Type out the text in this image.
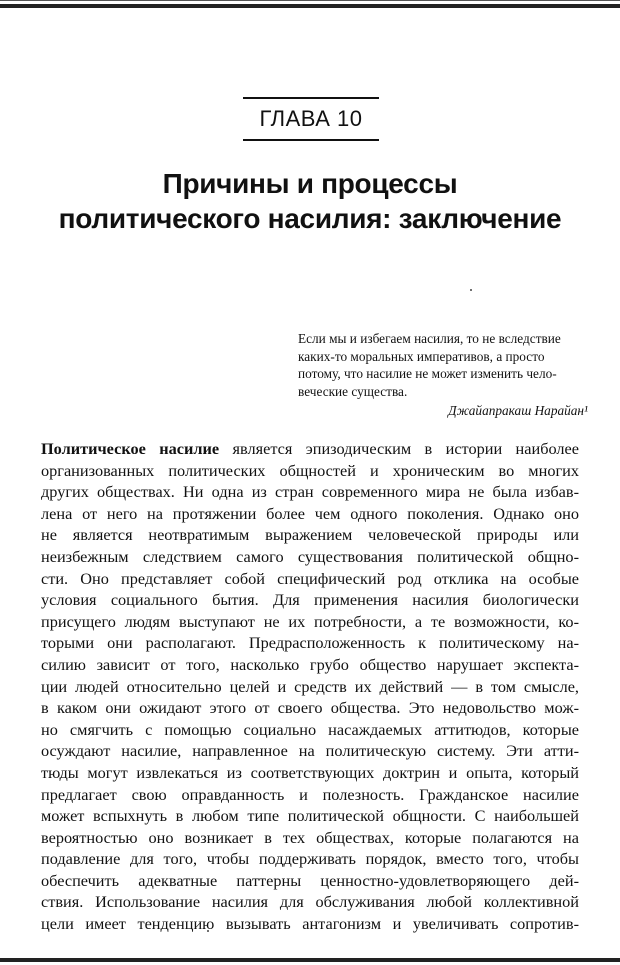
ГЛАВА 10
Причины и процессы
политического насилия: заключение
Если мы и избегаем насилия, то не вследствие
каких-то моральных императивов, а просто
потому, что насилие не может изменить чело-
веческие существа.
Джайапракаш Нарайан¹
Политическое насилие является эпизодическим в истории наиболее
организованных политических общностей и хроническим во многих
других обществах. Ни одна из стран современного мира не была избав-
лена от него на протяжении более чем одного поколения. Однако оно
не является неотвратимым выражением человеческой природы или
неизбежным следствием самого существования политической общно-
сти. Оно представляет собой специфический род отклика на особые
условия социального бытия. Для применения насилия биологически
присущего людям выступают не их потребности, а те возможности, ко-
торыми они располагают. Предрасположенность к политическому на-
силию зависит от того, насколько грубо общество нарушает экспекта-
ции людей относительно целей и средств их действий — в том смысле,
в каком они ожидают этого от своего общества. Это недовольство мож-
но смягчить с помощью социально насаждаемых аттитюдов, которые
осуждают насилие, направленное на политическую систему. Эти атти-
тюды могут извлекаться из соответствующих доктрин и опыта, который
предлагает свою оправданность и полезность. Гражданское насилие
может вспыхнуть в любом типе политической общности. С наибольшей
вероятностью оно возникает в тех обществах, которые полагаются на
подавление для того, чтобы поддерживать порядок, вместо того, чтобы
обеспечить адекватные паттерны ценностно-удовлетворяющего дей-
ствия. Использование насилия для обслуживания любой коллективной
цели имеет тенденцию вызывать антагонизм и увеличивать сопротив-
